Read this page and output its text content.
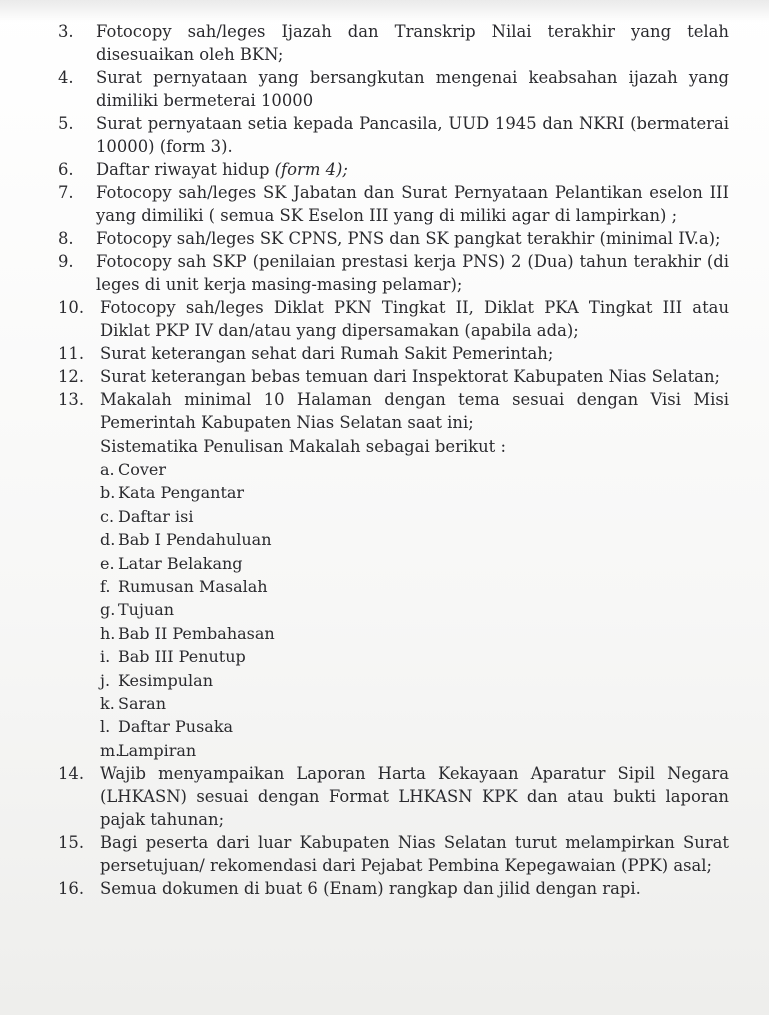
3.	Fotocopy sah/leges Ijazah dan Transkrip Nilai terakhir yang telah disesuaikan oleh BKN;
4.	Surat pernyataan yang bersangkutan mengenai keabsahan ijazah yang dimiliki bermeterai 10000
5.	Surat pernyataan setia kepada Pancasila, UUD 1945 dan NKRI (bermaterai 10000) (form 3).
6.	Daftar riwayat hidup (form 4);
7.	Fotocopy sah/leges SK Jabatan dan Surat Pernyataan Pelantikan eselon III yang dimiliki ( semua SK Eselon III yang di miliki agar di lampirkan) ;
8.	Fotocopy sah/leges SK CPNS, PNS dan SK pangkat terakhir (minimal IV.a);
9.	Fotocopy sah SKP (penilaian prestasi kerja PNS) 2 (Dua) tahun terakhir (di leges di unit kerja masing-masing pelamar);
10. Fotocopy sah/leges Diklat PKN Tingkat II, Diklat PKA Tingkat III atau Diklat PKP IV dan/atau yang dipersamakan (apabila ada);
11. Surat keterangan sehat dari Rumah Sakit Pemerintah;
12. Surat keterangan bebas temuan dari Inspektorat Kabupaten Nias Selatan;
13. Makalah minimal 10 Halaman dengan tema sesuai dengan Visi Misi Pemerintah Kabupaten Nias Selatan saat ini;
Sistematika Penulisan Makalah sebagai berikut :
a. Cover
b. Kata Pengantar
c. Daftar isi
d. Bab I Pendahuluan
e. Latar Belakang
f. Rumusan Masalah
g. Tujuan
h. Bab II Pembahasan
i. Bab III Penutup
j. Kesimpulan
k. Saran
l. Daftar Pusaka
m.Lampiran
14. Wajib menyampaikan Laporan Harta Kekayaan Aparatur Sipil Negara (LHKASN) sesuai dengan Format LHKASN KPK dan atau bukti laporan pajak tahunan;
15. Bagi peserta dari luar Kabupaten Nias Selatan turut melampirkan Surat persetujuan/ rekomendasi dari Pejabat Pembina Kepegawaian (PPK) asal;
16. Semua dokumen di buat 6 (Enam) rangkap dan jilid dengan rapi.
